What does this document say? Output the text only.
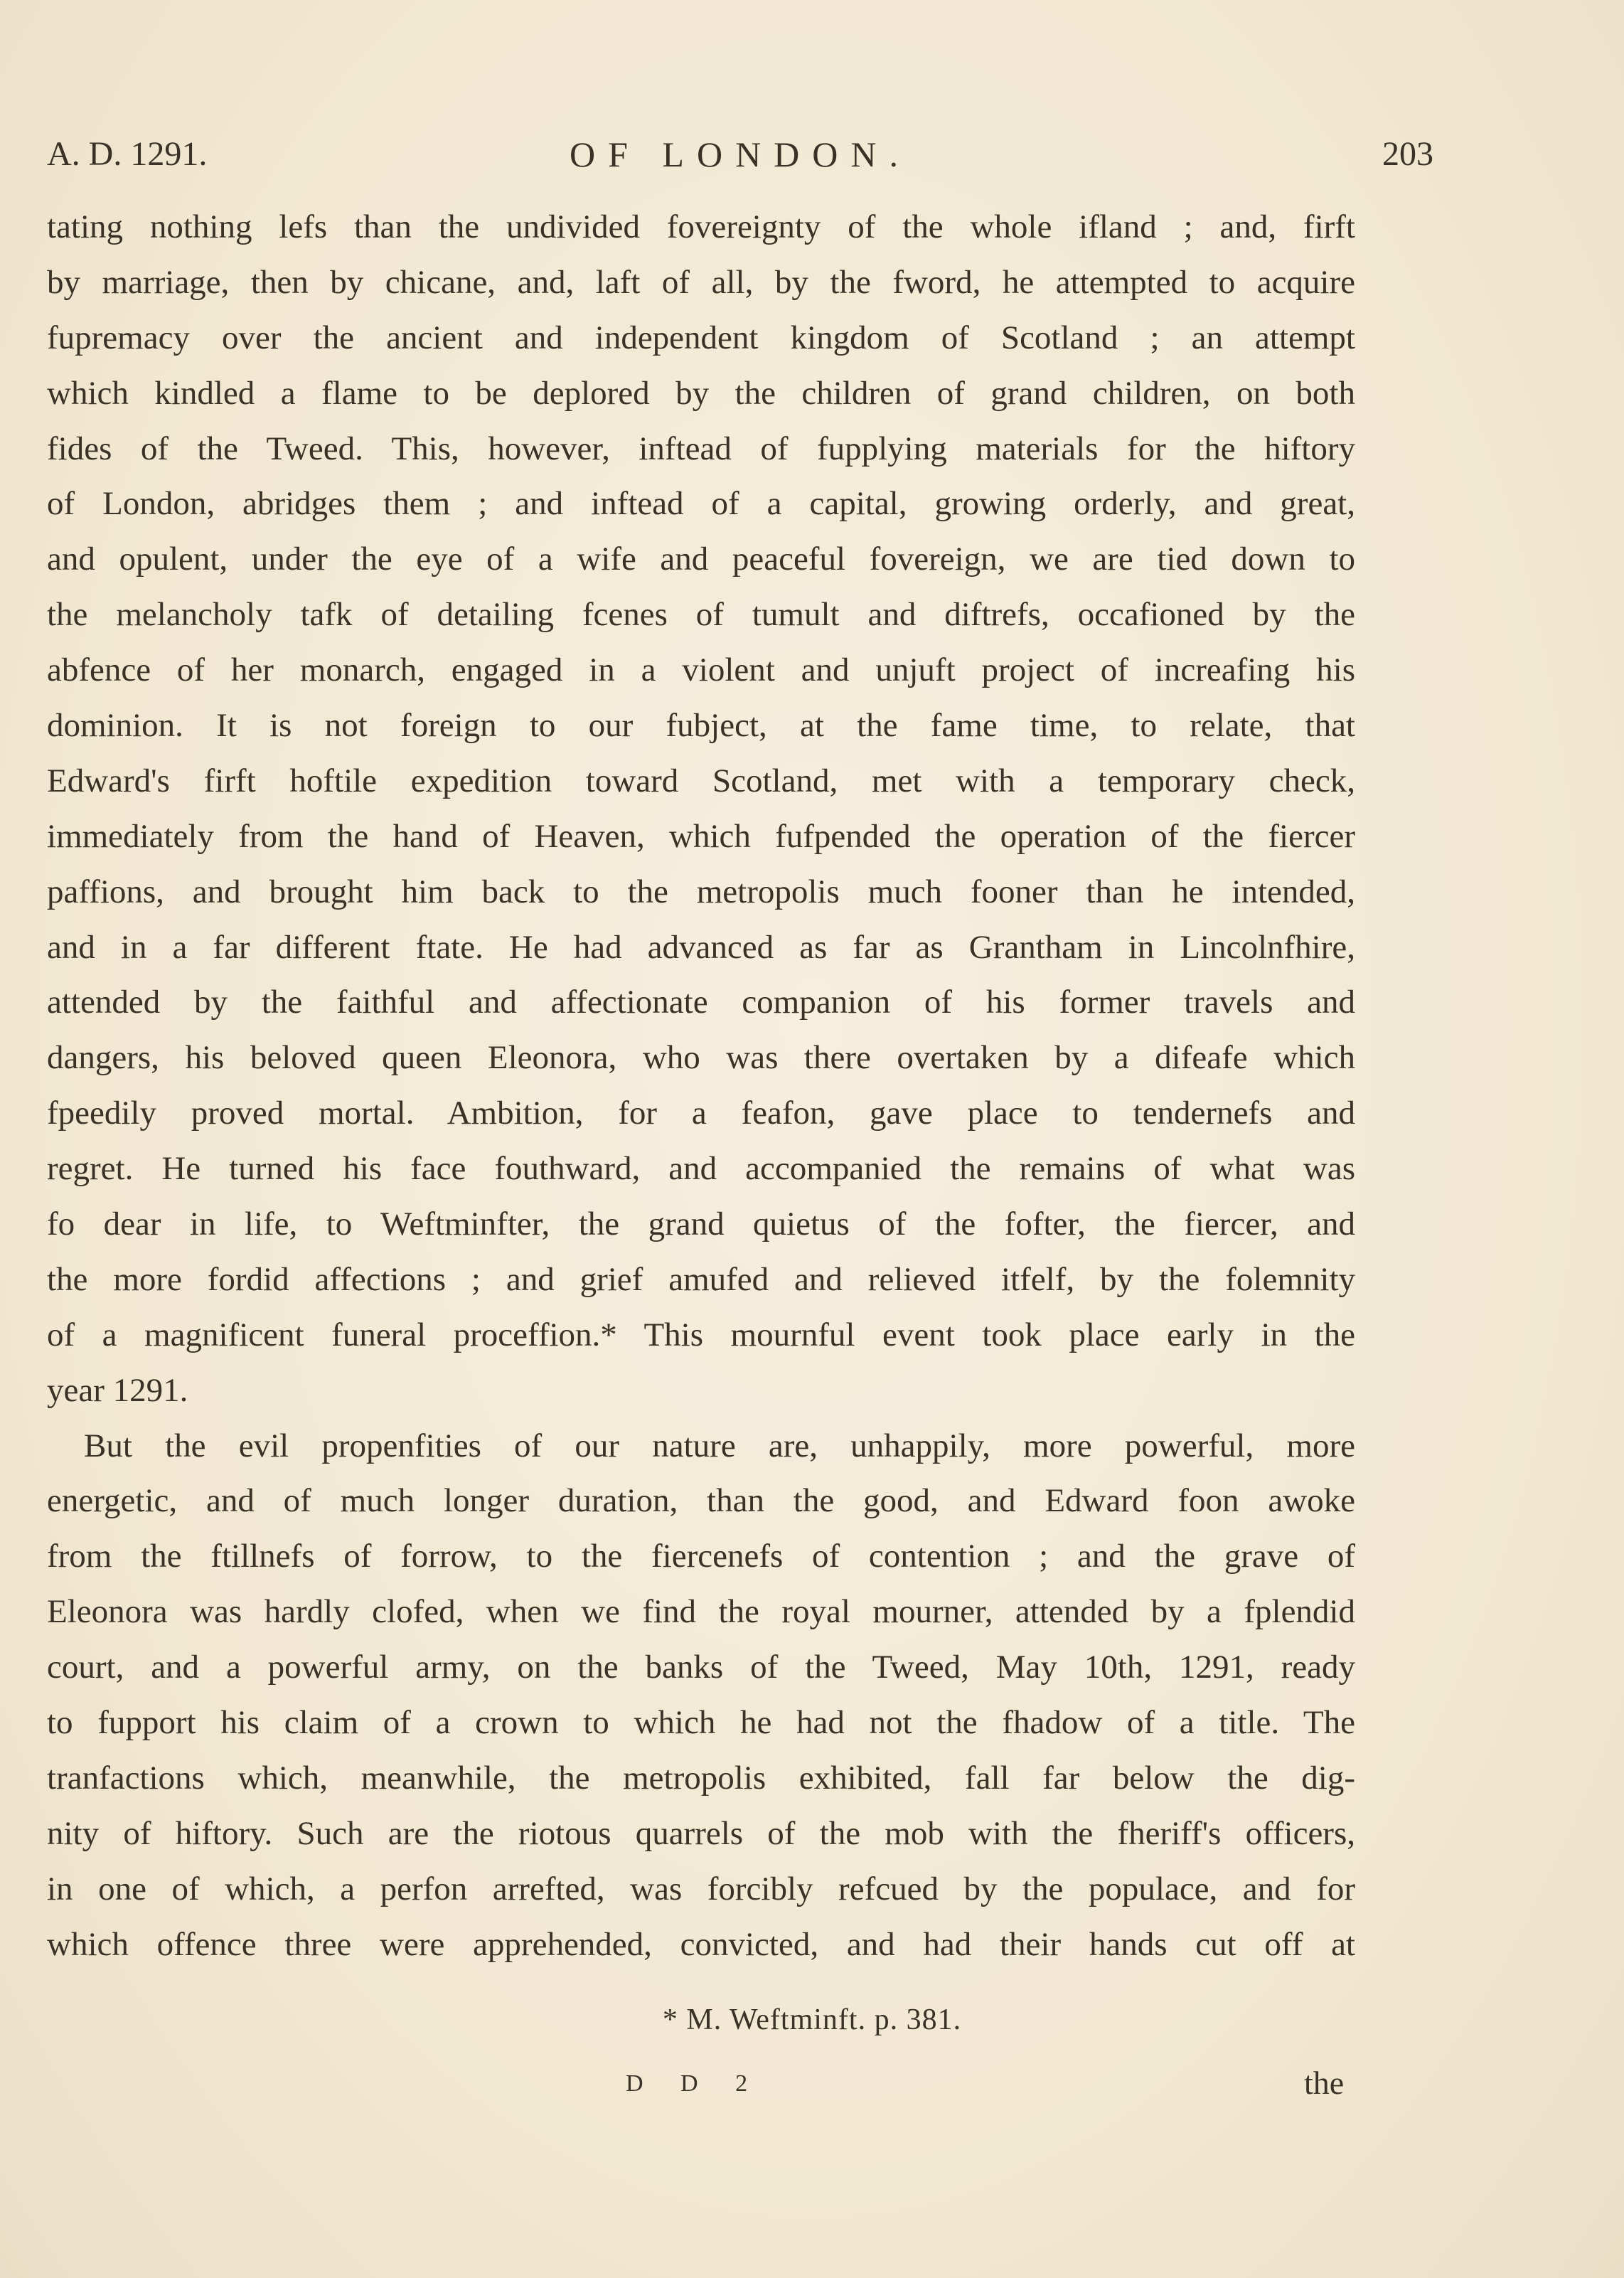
A. D. 1291.	OF LONDON.	203
tating nothing lefs than the undivided fovereignty of the whole ifland ; and, firft
by marriage, then by chicane, and, laft of all, by the fword, he attempted to acquire
fupremacy over the ancient and independent kingdom of Scotland ; an attempt
which kindled a flame to be deplored by the children of grand children, on both
fides of the Tweed. This, however, inftead of fupplying materials for the hiftory
of London, abridges them ; and inftead of a capital, growing orderly, and great,
and opulent, under the eye of a wife and peaceful fovereign, we are tied down to
the melancholy tafk of detailing fcenes of tumult and diftrefs, occafioned by the
abfence of her monarch, engaged in a violent and unjuft project of increafing his
dominion. It is not foreign to our fubject, at the fame time, to relate, that
Edward's firft hoftile expedition toward Scotland, met with a temporary check,
immediately from the hand of Heaven, which fufpended the operation of the fiercer
paffions, and brought him back to the metropolis much fooner than he intended,
and in a far different ftate. He had advanced as far as Grantham in Lincolnfhire,
attended by the faithful and affectionate companion of his former travels and
dangers, his beloved queen Eleonora, who was there overtaken by a difeafe which
fpeedily proved mortal. Ambition, for a feafon, gave place to tendernefs and
regret. He turned his face fouthward, and accompanied the remains of what was
fo dear in life, to Weftminfter, the grand quietus of the fofter, the fiercer, and
the more fordid affections ; and grief amufed and relieved itfelf, by the folemnity
of a magnificent funeral proceffion.* This mournful event took place early in the
year 1291.
But the evil propenfities of our nature are, unhappily, more powerful, more
energetic, and of much longer duration, than the good, and Edward foon awoke
from the ftillnefs of forrow, to the fiercenefs of contention ; and the grave of
Eleonora was hardly clofed, when we find the royal mourner, attended by a fplendid
court, and a powerful army, on the banks of the Tweed, May 10th, 1291, ready
to fupport his claim of a crown to which he had not the fhadow of a title. The
tranfactions which, meanwhile, the metropolis exhibited, fall far below the dig-
nity of hiftory. Such are the riotous quarrels of the mob with the fheriff's officers,
in one of which, a perfon arrefted, was forcibly refcued by the populace, and for
which offence three were apprehended, convicted, and had their hands cut off at
* M. Weftminft. p. 381.
D D 2	the
